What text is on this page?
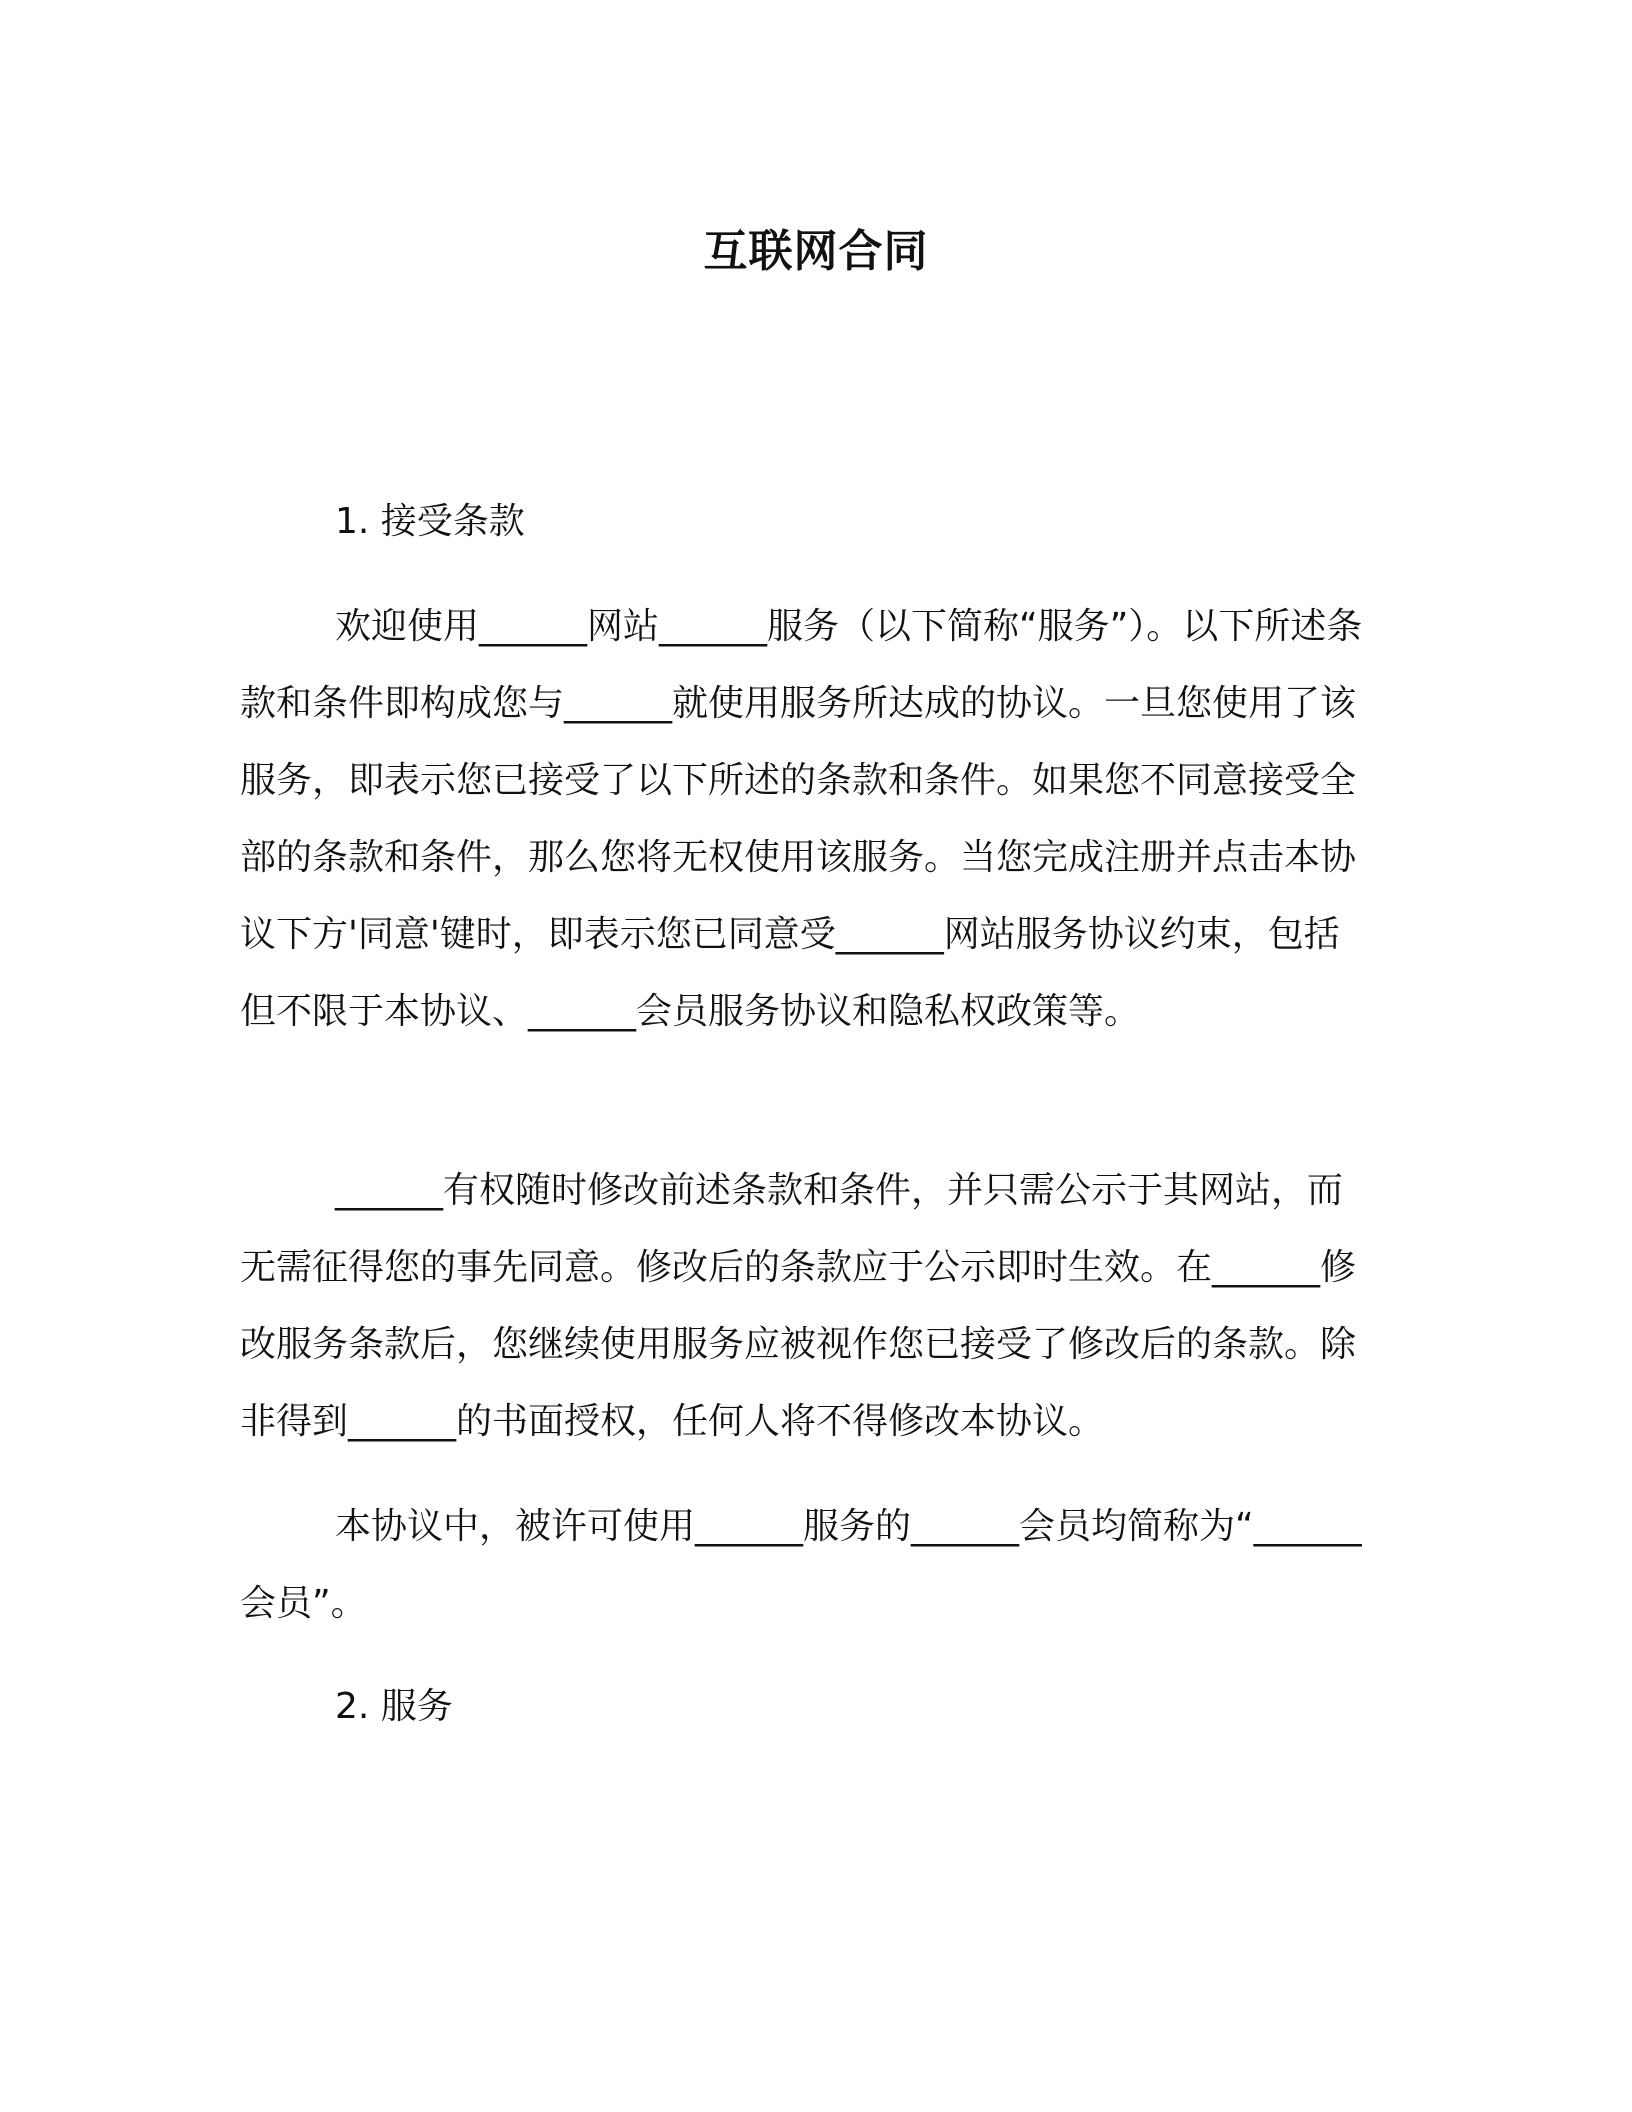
互联网合同

1. 接受条款

欢迎使用______网站______服务（以下简称“服务”）。以下所述条款和条件即构成您与______就使用服务所达成的协议。一旦您使用了该服务，即表示您已接受了以下所述的条款和条件。如果您不同意接受全部的条款和条件，那么您将无权使用该服务。当您完成注册并点击本协议下方'同意'键时，即表示您已同意受______网站服务协议约束，包括但不限于本协议、______会员服务协议和隐私权政策等。

______有权随时修改前述条款和条件，并只需公示于其网站，而无需征得您的事先同意。修改后的条款应于公示即时生效。在______修改服务条款后，您继续使用服务应被视作您已接受了修改后的条款。除非得到______的书面授权，任何人将不得修改本协议。

本协议中，被许可使用______服务的______会员均简称为“______会员”。

2. 服务
